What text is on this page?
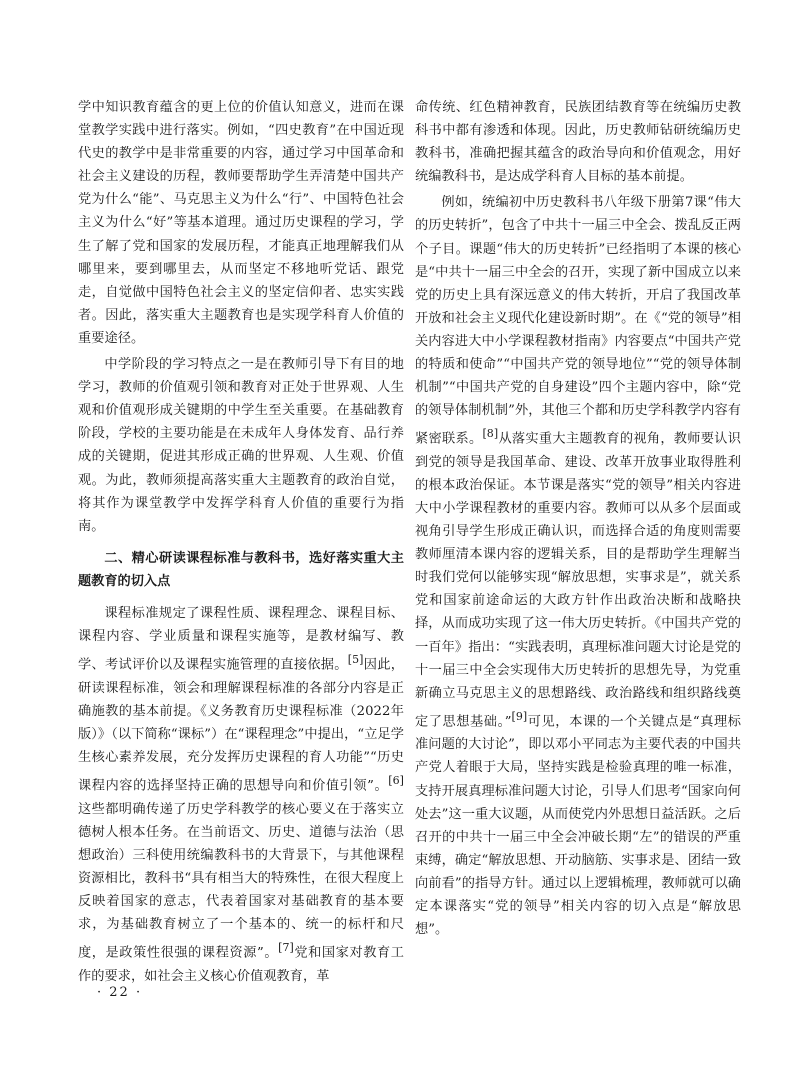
学中知识教育蕴含的更上位的价值认知意义，进而在课堂教学实践中进行落实。例如，“四史教育”在中国近现代史的教学中是非常重要的内容，通过学习中国革命和社会主义建设的历程，教师要帮助学生弄清楚中国共产党为什么“能”、马克思主义为什么“行”、中国特色社会主义为什么“好”等基本道理。通过历史课程的学习，学生了解了党和国家的发展历程，才能真正地理解我们从哪里来，要到哪里去，从而坚定不移地听党话、跟党走，自觉做中国特色社会主义的坚定信仰者、忠实实践者。因此，落实重大主题教育也是实现学科育人价值的重要途径。

中学阶段的学习特点之一是在教师引导下有目的地学习，教师的价值观引领和教育对正处于世界观、人生观和价值观形成关键期的中学生至关重要。在基础教育阶段，学校的主要功能是在未成年人身体发育、品行养成的关键期，促进其形成正确的世界观、人生观、价值观。为此，教师须提高落实重大主题教育的政治自觉，将其作为课堂教学中发挥学科育人价值的重要行为指南。

二、精心研读课程标准与教科书，选好落实重大主题教育的切入点

课程标准规定了课程性质、课程理念、课程目标、课程内容、学业质量和课程实施等，是教材编写、教学、考试评价以及课程实施管理的直接依据。[5]因此，研读课程标准，领会和理解课程标准的各部分内容是正确施教的基本前提。《义务教育历史课程标准（2022年版）》（以下简称“课标”）在“课程理念”中提出，“立足学生核心素养发展，充分发挥历史课程的育人功能”“历史课程内容的选择坚持正确的思想导向和价值引领”。[6]这些都明确传递了历史学科教学的核心要义在于落实立德树人根本任务。在当前语文、历史、道德与法治（思想政治）三科使用统编教科书的大背景下，与其他课程资源相比，教科书“具有相当大的特殊性，在很大程度上反映着国家的意志，代表着国家对基础教育的基本要求，为基础教育树立了一个基本的、统一的标杆和尺度，是政策性很强的课程资源”。[7]党和国家对教育工作的要求，如社会主义核心价值观教育，革

命传统、红色精神教育，民族团结教育等在统编历史教科书中都有渗透和体现。因此，历史教师钻研统编历史教科书，准确把握其蕴含的政治导向和价值观念，用好统编教科书，是达成学科育人目标的基本前提。

例如，统编初中历史教科书八年级下册第7课“伟大的历史转折”，包含了中共十一届三中全会、拨乱反正两个子目。课题“伟大的历史转折”已经指明了本课的核心是“中共十一届三中全会的召开，实现了新中国成立以来党的历史上具有深远意义的伟大转折，开启了我国改革开放和社会主义现代化建设新时期”。在《“党的领导”相关内容进大中小学课程教材指南》内容要点“中国共产党的特质和使命”“中国共产党的领导地位”“党的领导体制机制”“中国共产党的自身建设”四个主题内容中，除“党的领导体制机制”外，其他三个都和历史学科教学内容有紧密联系。[8]从落实重大主题教育的视角，教师要认识到党的领导是我国革命、建设、改革开放事业取得胜利的根本政治保证。本节课是落实“党的领导”相关内容进大中小学课程教材的重要内容。教师可以从多个层面或视角引导学生形成正确认识，而选择合适的角度则需要教师厘清本课内容的逻辑关系，目的是帮助学生理解当时我们党何以能够实现“解放思想，实事求是”，就关系党和国家前途命运的大政方针作出政治决断和战略抉择，从而成功实现了这一伟大历史转折。《中国共产党的一百年》指出：“实践表明，真理标准问题大讨论是党的十一届三中全会实现伟大历史转折的思想先导，为党重新确立马克思主义的思想路线、政治路线和组织路线奠定了思想基础。”[9]可见，本课的一个关键点是“真理标准问题的大讨论”，即以邓小平同志为主要代表的中国共产党人着眼于大局，坚持实践是检验真理的唯一标准，支持开展真理标准问题大讨论，引导人们思考“国家向何处去”这一重大议题，从而使党内外思想日益活跃。之后召开的中共十一届三中全会冲破长期“左”的错误的严重束缚，确定“解放思想、开动脑筋、实事求是、团结一致向前看”的指导方针。通过以上逻辑梳理，教师就可以确定本课落实“党的领导”相关内容的切入点是“解放思想”。

· 22 ·
